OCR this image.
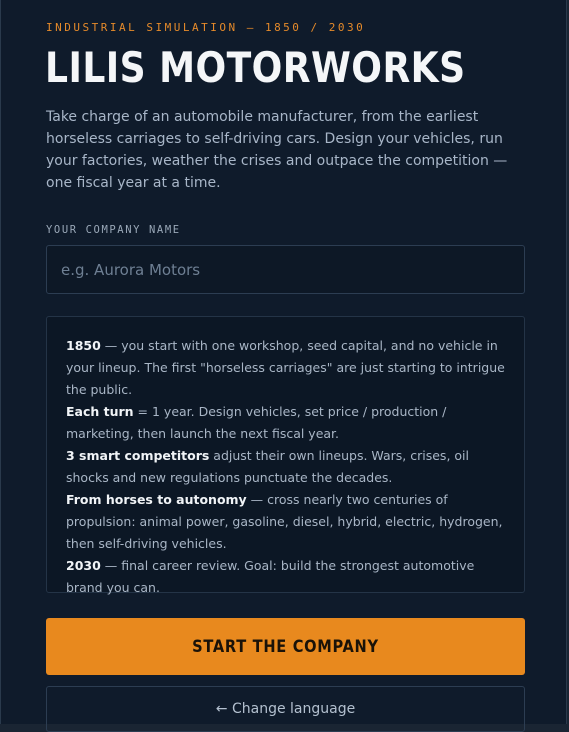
INDUSTRIAL SIMULATION — 1850 / 2030
LILIS MOTORWORKS

Take charge of an automobile manufacturer, from the earliest horseless carriages to self-driving cars. Design your vehicles, run your factories, weather the crises and outpace the competition — one fiscal year at a time.

YOUR COMPANY NAME
e.g. Aurora Motors

1850 — you start with one workshop, seed capital, and no vehicle in your lineup. The first "horseless carriages" are just starting to intrigue the public.

Each turn = 1 year. Design vehicles, set price / production / marketing, then launch the next fiscal year.

3 smart competitors adjust their own lineups. Wars, crises, oil shocks and new regulations punctuate the decades.

From horses to autonomy — cross nearly two centuries of propulsion: animal power, gasoline, diesel, hybrid, electric, hydrogen, then self-driving vehicles.

2030 — final career review. Goal: build the strongest automotive brand you can.

START THE COMPANY
← Change language
